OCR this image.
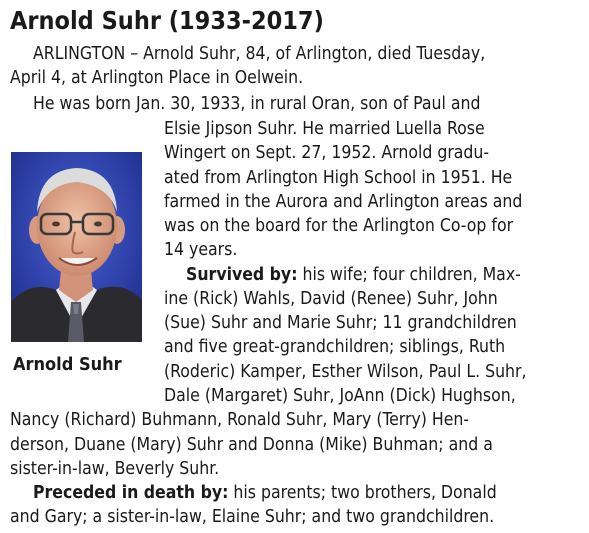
Arnold Suhr (1933-2017)
ARLINGTON – Arnold Suhr, 84, of Arlington, died Tuesday,
April 4, at Arlington Place in Oelwein.
He was born Jan. 30, 1933, in rural Oran, son of Paul and
Elsie Jipson Suhr. He married Luella Rose
Wingert on Sept. 27, 1952. Arnold gradu-
ated from Arlington High School in 1951. He
farmed in the Aurora and Arlington areas and
was on the board for the Arlington Co-op for
14 years.
Survived by: his wife; four children, Max-
ine (Rick) Wahls, David (Renee) Suhr, John
(Sue) Suhr and Marie Suhr; 11 grandchildren
and five great-grandchildren; siblings, Ruth
(Roderic) Kamper, Esther Wilson, Paul L. Suhr,
Dale (Margaret) Suhr, JoAnn (Dick) Hughson,
Nancy (Richard) Buhmann, Ronald Suhr, Mary (Terry) Hen-
derson, Duane (Mary) Suhr and Donna (Mike) Buhman; and a
sister-in-law, Beverly Suhr.
Preceded in death by: his parents; two brothers, Donald
and Gary; a sister-in-law, Elaine Suhr; and two grandchildren.
Arnold Suhr
